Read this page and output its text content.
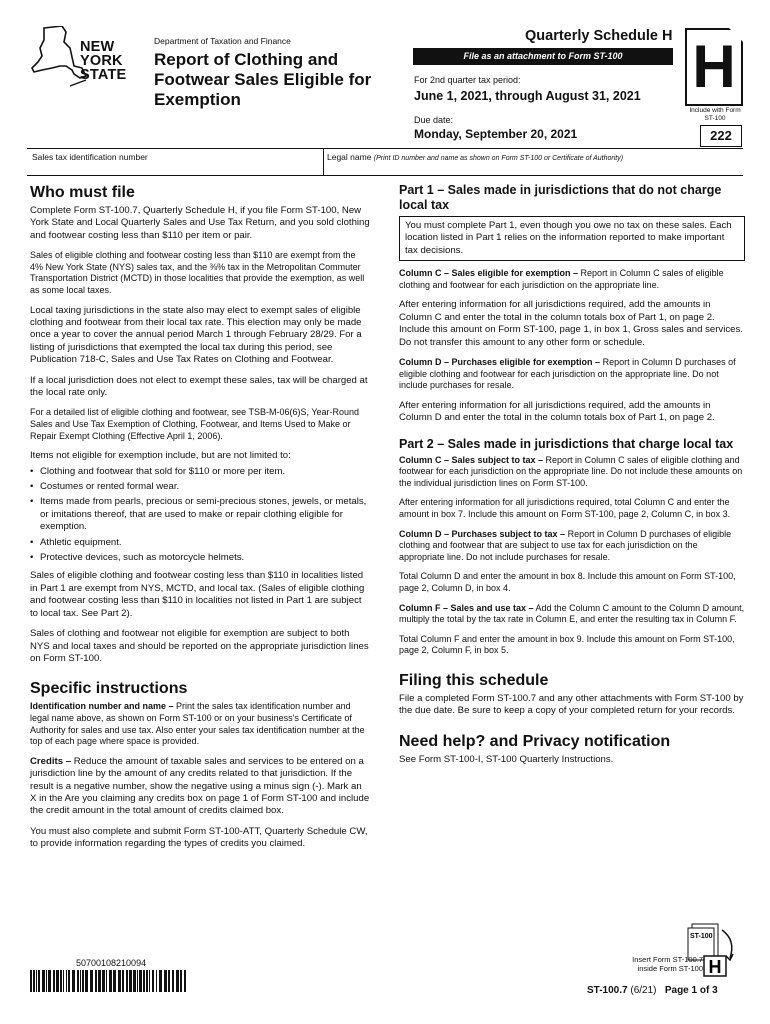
NEW
YORK
STATE
Department of Taxation and Finance
Report of Clothing and Footwear Sales Eligible for Exemption
Quarterly Schedule H
File as an attachment to Form ST-100	H
For 2nd quarter tax period:
June 1, 2021, through August 31, 2021
Include with Form ST-100
Due date:
Monday, September 20, 2021	222
Sales tax identification number	Legal name (Print ID number and name as shown on Form ST-100 or Certificate of Authority)
Who must file

Complete Form ST-100.7, Quarterly Schedule H, if you file Form ST-100, New York State and Local Quarterly Sales and Use Tax Return, and you sold clothing and footwear costing less than $110 per item or pair.

Sales of eligible clothing and footwear costing less than $110 are exempt from the 4% New York State (NYS) sales tax, and the ⅜% tax in the Metropolitan Commuter Transportation District (MCTD) in those localities that provide the exemption, as well as some local taxes.

Local taxing jurisdictions in the state also may elect to exempt sales of eligible clothing and footwear from their local tax rate. This election may only be made once a year to cover the annual period March 1 through February 28/29. For a listing of jurisdictions that exempted the local tax during this period, see Publication 718-C, Sales and Use Tax Rates on Clothing and Footwear.

If a local jurisdiction does not elect to exempt these sales, tax will be charged at the local rate only.

For a detailed list of eligible clothing and footwear, see TSB-M-06(6)S, Year-Round Sales and Use Tax Exemption of Clothing, Footwear, and Items Used to Make or Repair Exempt Clothing (Effective April 1, 2006).

Items not eligible for exemption include, but are not limited to:

• Clothing and footwear that sold for $110 or more per item.
• Costumes or rented formal wear.
• Items made from pearls, precious or semi-precious stones, jewels, or metals, or imitations thereof, that are used to make or repair clothing eligible for exemption.
• Athletic equipment.
• Protective devices, such as motorcycle helmets.

Sales of eligible clothing and footwear costing less than $110 in localities listed in Part 1 are exempt from NYS, MCTD, and local tax. (Sales of eligible clothing and footwear costing less than $110 in localities not listed in Part 1 are subject to local tax. See Part 2).

Sales of clothing and footwear not eligible for exemption are subject to both NYS and local taxes and should be reported on the appropriate jurisdiction lines on Form ST-100.

Specific instructions

Identification number and name – Print the sales tax identification number and legal name above, as shown on Form ST-100 or on your business's Certificate of Authority for sales and use tax. Also enter your sales tax identification number at the top of each page where space is provided.

Credits – Reduce the amount of taxable sales and services to be entered on a jurisdiction line by the amount of any credits related to that jurisdiction. If the result is a negative number, show the negative using a minus sign (-). Mark an X in the Are you claiming any credits box on page 1 of Form ST-100 and include the credit amount in the total amount of credits claimed box.

You must also complete and submit Form ST-100-ATT, Quarterly Schedule CW, to provide information regarding the types of credits you claimed.

Part 1 – Sales made in jurisdictions that do not charge local tax

You must complete Part 1, even though you owe no tax on these sales. Each location listed in Part 1 relies on the information reported to make important tax decisions.

Column C – Sales eligible for exemption – Report in Column C sales of eligible clothing and footwear for each jurisdiction on the appropriate line.

After entering information for all jurisdictions required, add the amounts in Column C and enter the total in the column totals box of Part 1, on page 2. Include this amount on Form ST-100, page 1, in box 1, Gross sales and services. Do not transfer this amount to any other form or schedule.

Column D – Purchases eligible for exemption – Report in Column D purchases of eligible clothing and footwear for each jurisdiction on the appropriate line. Do not include purchases for resale.

After entering information for all jurisdictions required, add the amounts in Column D and enter the total in the column totals box of Part 1, on page 2.

Part 2 – Sales made in jurisdictions that charge local tax

Column C – Sales subject to tax – Report in Column C sales of eligible clothing and footwear for each jurisdiction on the appropriate line. Do not include these amounts on the individual jurisdiction lines on Form ST-100.

After entering information for all jurisdictions required, total Column C and enter the amount in box 7. Include this amount on Form ST-100, page 2, Column C, in box 3.

Column D – Purchases subject to tax – Report in Column D purchases of eligible clothing and footwear that are subject to use tax for each jurisdiction on the appropriate line. Do not include purchases for resale.

Total Column D and enter the amount in box 8. Include this amount on Form ST-100, page 2, Column D, in box 4.

Column F – Sales and use tax – Add the Column C amount to the Column D amount, multiply the total by the tax rate in Column E, and enter the resulting tax in Column F.

Total Column F and enter the amount in box 9. Include this amount on Form ST-100, page 2, Column F, in box 5.

Filing this schedule

File a completed Form ST-100.7 and any other attachments with Form ST-100 by the due date. Be sure to keep a copy of your completed return for your records.

Need help? and Privacy notification

See Form ST-100-I, ST-100 Quarterly Instructions.

50700108210094
ST-100
H
Insert Form ST-100.7 inside Form ST-100
ST-100.7 (6/21) Page 1 of 3
